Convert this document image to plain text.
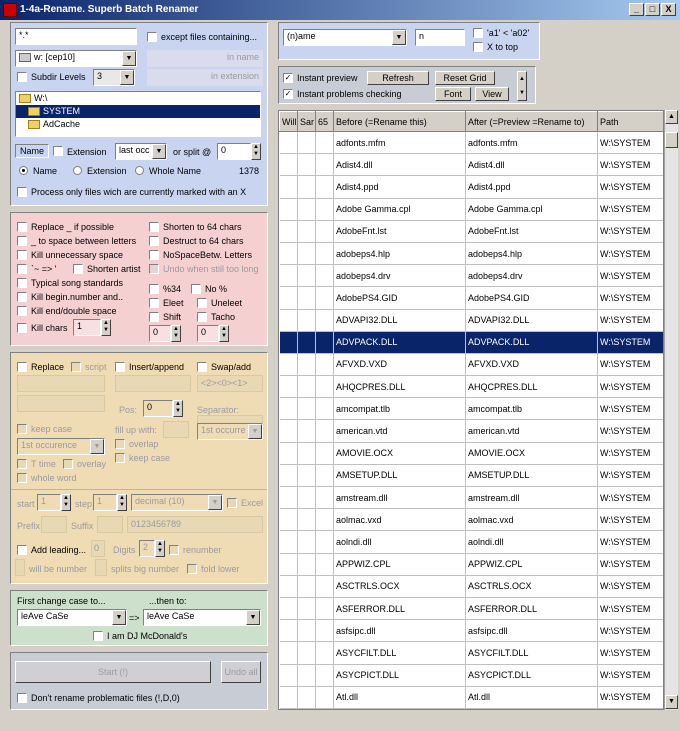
1-4a-Rename. Superb Batch Renamer	_	□	X
*.*	except files containing...
w: [cep10]	▼
Subdir Levels	3	▼
in name
in extension
W:\
SYSTEM
AdCache
Name	Extension	last occ ▼	or split @	0	▲
▼
Name	Extension Whole Name	1378
Process only files wich are currently marked with an X
Replace _ if possible
_ to space between letters
Kill unnecessary space
`~ => '	Shorten artist
Typical song standards
Kill begin.number and..
Kill end/double space
Kill chars	1	▲
▼
Shorten to 64 chars
Destruct to 64 chars
NoSpaceBetw. Letters
Undo when still too long
%34	No %
Eleet	Uneleet
Shift	Tacho
0	▲
▼	0	▲
▼
Replace script Insert/append	Swap/add
<2><0><1>
Pos:	0	▲
▼ Separator:
keep case	fill up with:
1st occurence	▼	overlap
keep case
1st occurre ▼
T time overlay
whole word
start 1	▲
▼ step 1	▲
▼	decimal (10)	▼	Excel
Prefix	Suffix	0123456789
Add leading... 0	Digits 2	▲
▼ renumber
will be number	splits big number fold lower
First change case to...	...then to:
leAve CaSe	▼ => leAve CaSe	▼
I am DJ McDonald's
Start (!)	Undo all
Don't rename problematic files (!,D,0)
(n)ame	▼	n	'a1' < 'a02'
X to top
✓ Instant preview	Refresh	Reset Grid
✓ Instant problems checking	Font	View
▲
▼
Will	Sar	65	Before (=Rename this)	After (=Preview =Rename to)	Path
			adfonts.mfm	adfonts.mfm	W:\SYSTEM
			Adist4.dll	Adist4.dll	W:\SYSTEM
			Adist4.ppd	Adist4.ppd	W:\SYSTEM
			Adobe Gamma.cpl	Adobe Gamma.cpl	W:\SYSTEM
			AdobeFnt.lst	AdobeFnt.lst	W:\SYSTEM
			adobeps4.hlp	adobeps4.hlp	W:\SYSTEM
			adobeps4.drv	adobeps4.drv	W:\SYSTEM
			AdobePS4.GID	AdobePS4.GID	W:\SYSTEM
			ADVAPI32.DLL	ADVAPI32.DLL	W:\SYSTEM
			ADVPACK.DLL	ADVPACK.DLL	W:\SYSTEM
			AFVXD.VXD	AFVXD.VXD	W:\SYSTEM
			AHQCPRES.DLL	AHQCPRES.DLL	W:\SYSTEM
			amcompat.tlb	amcompat.tlb	W:\SYSTEM
			american.vtd	american.vtd	W:\SYSTEM
			AMOVIE.OCX	AMOVIE.OCX	W:\SYSTEM
			AMSETUP.DLL	AMSETUP.DLL	W:\SYSTEM
			amstream.dll	amstream.dll	W:\SYSTEM
			aolmac.vxd	aolmac.vxd	W:\SYSTEM
			aolndi.dll	aolndi.dll	W:\SYSTEM
			APPWIZ.CPL	APPWIZ.CPL	W:\SYSTEM
			ASCTRLS.OCX	ASCTRLS.OCX	W:\SYSTEM
			ASFERROR.DLL	ASFERROR.DLL	W:\SYSTEM
			asfsipc.dll	asfsipc.dll	W:\SYSTEM
			ASYCFILT.DLL	ASYCFILT.DLL	W:\SYSTEM
			ASYCPICT.DLL	ASYCPICT.DLL	W:\SYSTEM
			Atl.dll	Atl.dll	W:\SYSTEM
▲
▼
